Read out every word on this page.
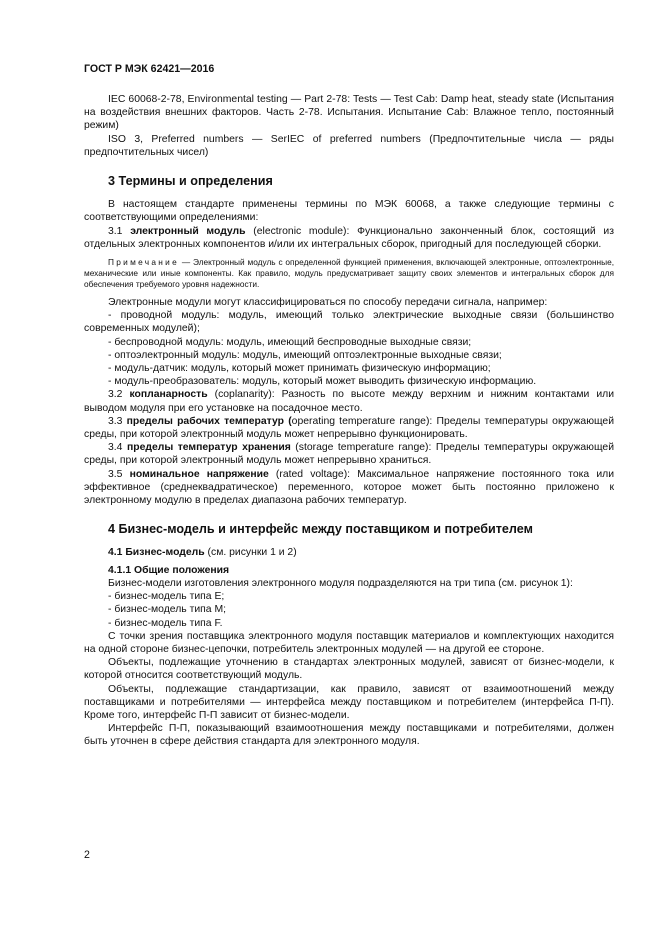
ГОСТ Р МЭК 62421—2016

IEC 60068-2-78, Environmental testing — Part 2-78: Tests — Test Cab: Damp heat, steady state (Испытания на воздействия внешних факторов. Часть 2-78. Испытания. Испытание Cab: Влажное тепло, постоянный режим)

ISO 3, Preferred numbers — SerIEC of preferred numbers (Предпочтительные числа — ряды предпочтительных чисел)

3 Термины и определения

В настоящем стандарте применены термины по МЭК 60068, а также следующие термины с соответствующими определениями:

3.1 электронный модуль (electronic module): Функционально законченный блок, состоящий из отдельных электронных компонентов и/или их интегральных сборок, пригодный для последующей сборки.

Примечание — Электронный модуль с определенной функцией применения, включающей электронные, оптоэлектронные, механические или иные компоненты. Как правило, модуль предусматривает защиту своих элементов и интегральных сборок для обеспечения требуемого уровня надежности.

Электронные модули могут классифицироваться по способу передачи сигнала, например:

- проводной модуль: модуль, имеющий только электрические выходные связи (большинство современных модулей);

- беспроводной модуль: модуль, имеющий беспроводные выходные связи;

- оптоэлектронный модуль: модуль, имеющий оптоэлектронные выходные связи;

- модуль-датчик: модуль, который может принимать физическую информацию;

- модуль-преобразователь: модуль, который может выводить физическую информацию.

3.2 копланарность (coplanarity): Разность по высоте между верхним и нижним контактами или выводом модуля при его установке на посадочное место.

3.3 пределы рабочих температур (operating temperature range): Пределы температуры окружающей среды, при которой электронный модуль может непрерывно функционировать.

3.4 пределы температур хранения (storage temperature range): Пределы температуры окружающей среды, при которой электронный модуль может непрерывно храниться.

3.5 номинальное напряжение (rated voltage): Максимальное напряжение постоянного тока или эффективное (среднеквадратическое) переменного, которое может быть постоянно приложено к электронному модулю в пределах диапазона рабочих температур.

4 Бизнес-модель и интерфейс между поставщиком и потребителем

4.1 Бизнес-модель (см. рисунки 1 и 2)

4.1.1 Общие положения

Бизнес-модели изготовления электронного модуля подразделяются на три типа (см. рисунок 1):

- бизнес-модель типа E;

- бизнес-модель типа M;

- бизнес-модель типа F.

С точки зрения поставщика электронного модуля поставщик материалов и комплектующих находится на одной стороне бизнес-цепочки, потребитель электронных модулей — на другой ее стороне.

Объекты, подлежащие уточнению в стандартах электронных модулей, зависят от бизнес-модели, к которой относится соответствующий модуль.

Объекты, подлежащие стандартизации, как правило, зависят от взаимоотношений между поставщиками и потребителями — интерфейса между поставщиком и потребителем (интерфейса П-П). Кроме того, интерфейс П-П зависит от бизнес-модели.

Интерфейс П-П, показывающий взаимоотношения между поставщиками и потребителями, должен быть уточнен в сфере действия стандарта для электронного модуля.

2
